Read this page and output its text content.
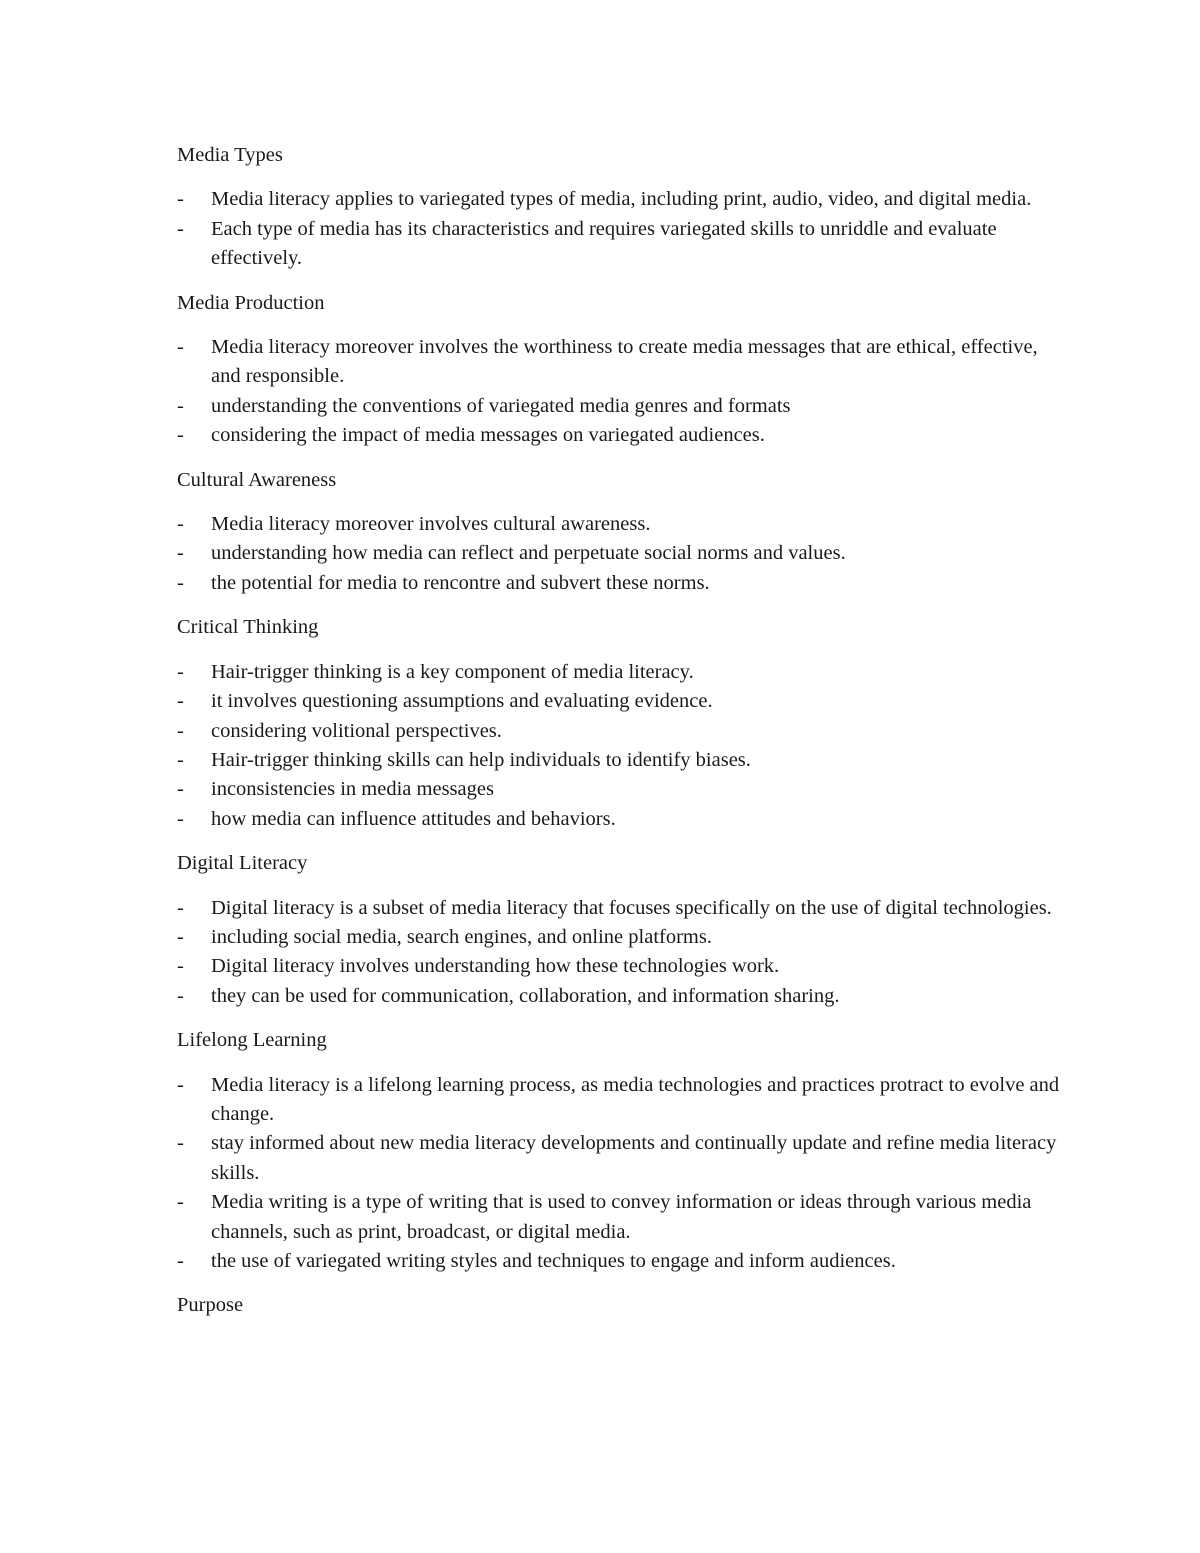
Media Types
- Media literacy applies to variegated types of media, including print, audio, video, and digital media.
- Each type of media has its characteristics and requires variegated skills to unriddle and evaluate effectively.
Media Production
- Media literacy moreover involves the worthiness to create media messages that are ethical, effective, and responsible.
- understanding the conventions of variegated media genres and formats
- considering the impact of media messages on variegated audiences.
Cultural Awareness
- Media literacy moreover involves cultural awareness.
- understanding how media can reflect and perpetuate social norms and values.
- the potential for media to rencontre and subvert these norms.
Critical Thinking
- Hair-trigger thinking is a key component of media literacy.
- it involves questioning assumptions and evaluating evidence.
- considering volitional perspectives.
- Hair-trigger thinking skills can help individuals to identify biases.
- inconsistencies in media messages
- how media can influence attitudes and behaviors.
Digital Literacy
- Digital literacy is a subset of media literacy that focuses specifically on the use of digital technologies.
- including social media, search engines, and online platforms.
- Digital literacy involves understanding how these technologies work.
- they can be used for communication, collaboration, and information sharing.
Lifelong Learning
- Media literacy is a lifelong learning process, as media technologies and practices protract to evolve and change.
- stay informed about new media literacy developments and continually update and refine media literacy skills.
- Media writing is a type of writing that is used to convey information or ideas through various media channels, such as print, broadcast, or digital media.
- the use of variegated writing styles and techniques to engage and inform audiences.
Purpose
